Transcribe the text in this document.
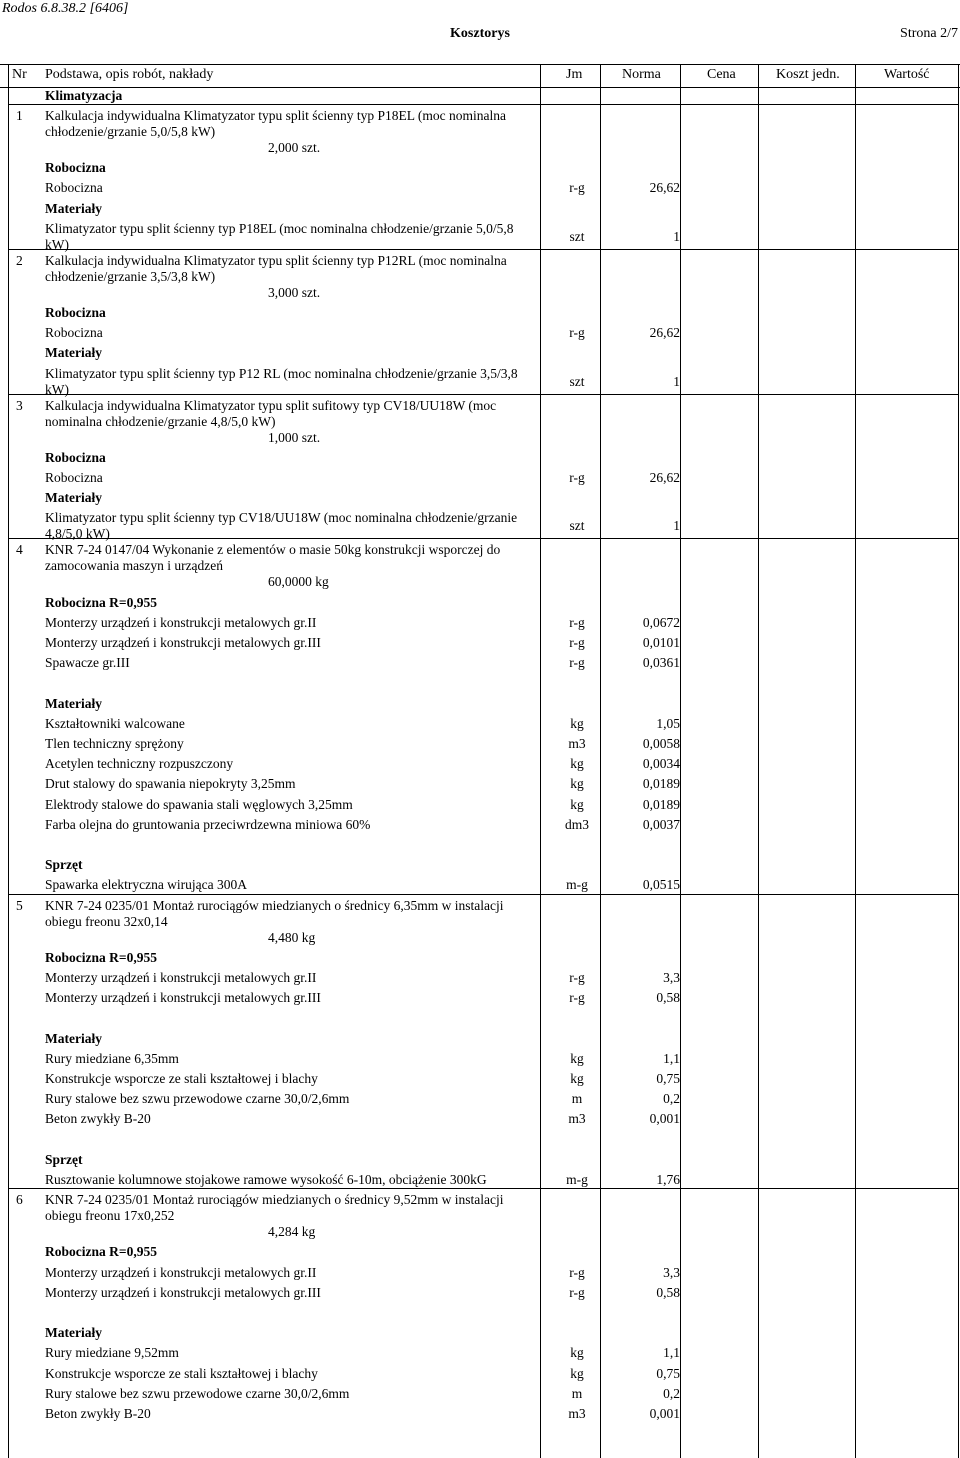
Rodos 6.8.38.2 [6406]
Kosztorys	Strona 2/7
Nr Podstawa, opis robót, nakłady	Jm	Norma	Cena	Koszt jedn.	Wartość
Klimatyzacja
1 Kalkulacja indywidualna Klimatyzator typu split ścienny typ P18EL (moc nominalna chłodzenie/grzanie 5,0/5,8 kW)
2,000 szt.
Robocizna
Robocizna	r-g	26,62
Materiały
Klimatyzator typu split ścienny typ P18EL (moc nominalna chłodzenie/grzanie 5,0/5,8 kW)
szt	1
2 Kalkulacja indywidualna Klimatyzator typu split ścienny typ P12RL (moc nominalna chłodzenie/grzanie 3,5/3,8 kW)
3,000 szt.
Robocizna
Robocizna	r-g	26,62
Materiały
Klimatyzator typu split ścienny typ P12 RL (moc nominalna chłodzenie/grzanie 3,5/3,8 kW)
szt	1
3 Kalkulacja indywidualna Klimatyzator typu split sufitowy typ CV18/UU18W (moc nominalna chłodzenie/grzanie 4,8/5,0 kW)
1,000 szt.
Robocizna
Robocizna	r-g	26,62
Materiały
Klimatyzator typu split ścienny typ CV18/UU18W (moc nominalna chłodzenie/grzanie 4,8/5,0 kW)
szt	1
4 KNR 7-24 0147/04 Wykonanie z elementów o masie 50kg konstrukcji wsporczej do zamocowania maszyn i urządzeń
60,0000 kg
Robocizna R=0,955
Monterzy urządzeń i konstrukcji metalowych gr.II	r-g	0,0672
Monterzy urządzeń i konstrukcji metalowych gr.III	r-g	0,0101
Spawacze gr.III	r-g	0,0361
Materiały
Kształtowniki walcowane	kg	1,05
Tlen techniczny sprężony	m3	0,0058
Acetylen techniczny rozpuszczony	kg	0,0034
Drut stalowy do spawania niepokryty 3,25mm	kg	0,0189
Elektrody stalowe do spawania stali węglowych 3,25mm	kg	0,0189
Farba olejna do gruntowania przeciwrdzewna miniowa 60%	dm3	0,0037
Sprzęt
Spawarka elektryczna wirująca 300A	m-g	0,0515
5 KNR 7-24 0235/01 Montaż rurociągów miedzianych o średnicy 6,35mm w instalacji obiegu freonu 32x0,14
4,480 kg
Robocizna R=0,955
Monterzy urządzeń i konstrukcji metalowych gr.II	r-g	3,3
Monterzy urządzeń i konstrukcji metalowych gr.III	r-g	0,58
Materiały
Rury miedziane 6,35mm	kg	1,1
Konstrukcje wsporcze ze stali kształtowej i blachy	kg	0,75
Rury stalowe bez szwu przewodowe czarne 30,0/2,6mm	m	0,2
Beton zwykły B-20	m3	0,001
Sprzęt
Rusztowanie kolumnowe stojakowe ramowe wysokość 6-10m, obciążenie 300kG	m-g	1,76
6 KNR 7-24 0235/01 Montaż rurociągów miedzianych o średnicy 9,52mm w instalacji obiegu freonu 17x0,252
4,284 kg
Robocizna R=0,955
Monterzy urządzeń i konstrukcji metalowych gr.II	r-g	3,3
Monterzy urządzeń i konstrukcji metalowych gr.III	r-g	0,58
Materiały
Rury miedziane 9,52mm	kg	1,1
Konstrukcje wsporcze ze stali kształtowej i blachy	kg	0,75
Rury stalowe bez szwu przewodowe czarne 30,0/2,6mm	m	0,2
Beton zwykły B-20	m3	0,001
